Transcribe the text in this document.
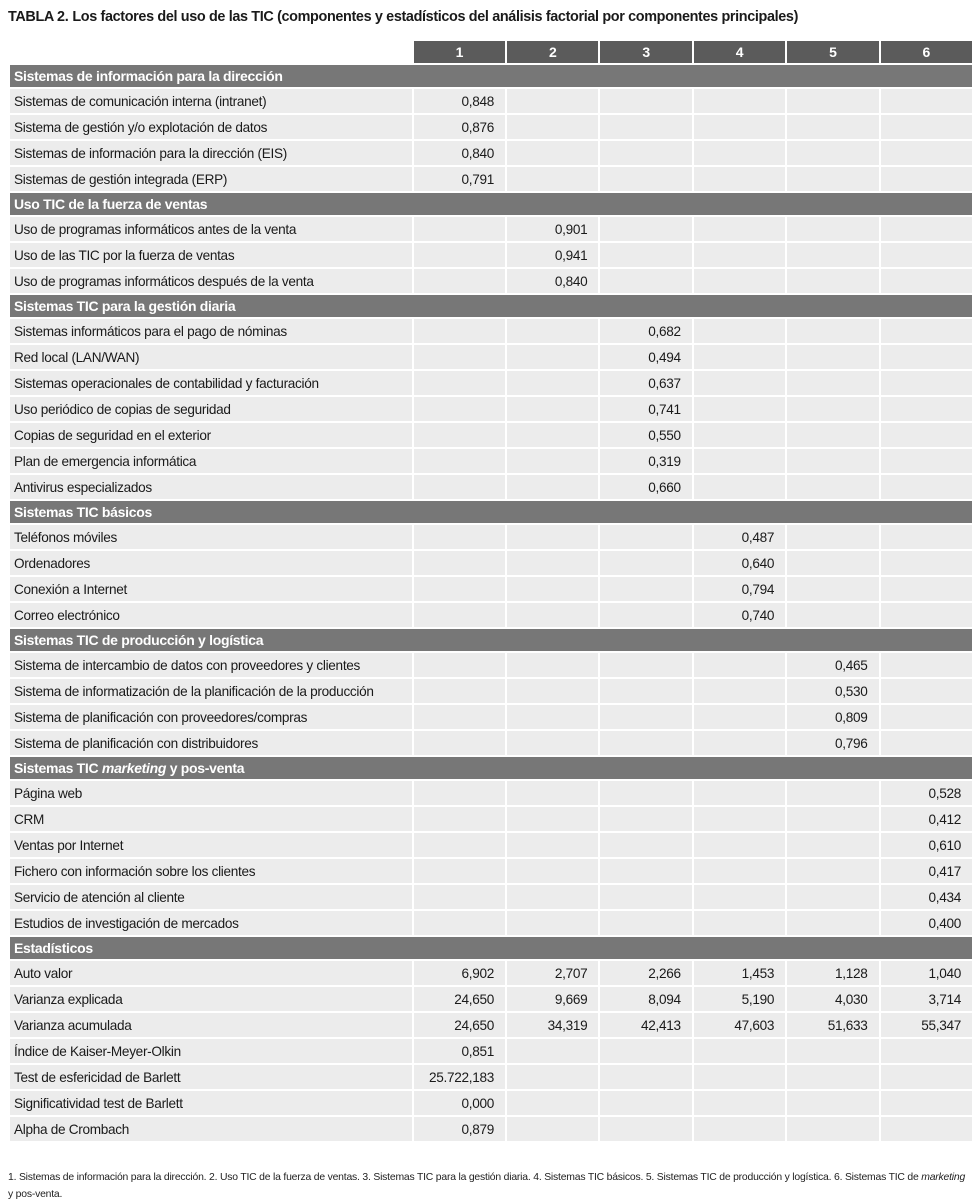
TABLA 2. Los factores del uso de las TIC (componentes y estadísticos del análisis factorial por componentes principales)
	1	2	3	4	5	6
Sistemas de información para la dirección						
Sistemas de comunicación interna (intranet)	0,848					
Sistema de gestión y/o explotación de datos	0,876					
Sistemas de información para la dirección (EIS)	0,840					
Sistemas de gestión integrada (ERP)	0,791					
Uso TIC de la fuerza de ventas						
Uso de programas informáticos antes de la venta		0,901				
Uso de las TIC por la fuerza de ventas		0,941				
Uso de programas informáticos después de la venta		0,840				
Sistemas TIC para la gestión diaria						
Sistemas informáticos para el pago de nóminas			0,682			
Red local (LAN/WAN)			0,494			
Sistemas operacionales de contabilidad y facturación			0,637			
Uso periódico de copias de seguridad			0,741			
Copias de seguridad en el exterior			0,550			
Plan de emergencia informática			0,319			
Antivirus especializados			0,660			
Sistemas TIC básicos						
Teléfonos móviles				0,487		
Ordenadores				0,640		
Conexión a Internet				0,794		
Correo electrónico				0,740		
Sistemas TIC de producción y logística						
Sistema de intercambio de datos con proveedores y clientes					0,465	
Sistema de informatización de la planificación de la producción					0,530	
Sistema de planificación con proveedores/compras					0,809	
Sistema de planificación con distribuidores					0,796	
Sistemas TIC marketing y pos-venta						
Página web						0,528
CRM						0,412
Ventas por Internet						0,610
Fichero con información sobre los clientes						0,417
Servicio de atención al cliente						0,434
Estudios de investigación de mercados						0,400
Estadísticos						
Auto valor	6,902	2,707	2,266	1,453	1,128	1,040
Varianza explicada	24,650	9,669	8,094	5,190	4,030	3,714
Varianza acumulada	24,650	34,319	42,413	47,603	51,633	55,347
Índice de Kaiser-Meyer-Olkin	0,851					
Test de esfericidad de Barlett	25.722,183					
Significatividad test de Barlett	0,000					
Alpha de Crombach	0,879					
1. Sistemas de información para la dirección. 2. Uso TIC de la fuerza de ventas. 3. Sistemas TIC para la gestión diaria. 4. Sistemas TIC básicos. 5. Sistemas TIC de producción y logística. 6. Sistemas TIC de marketing y pos-venta.
